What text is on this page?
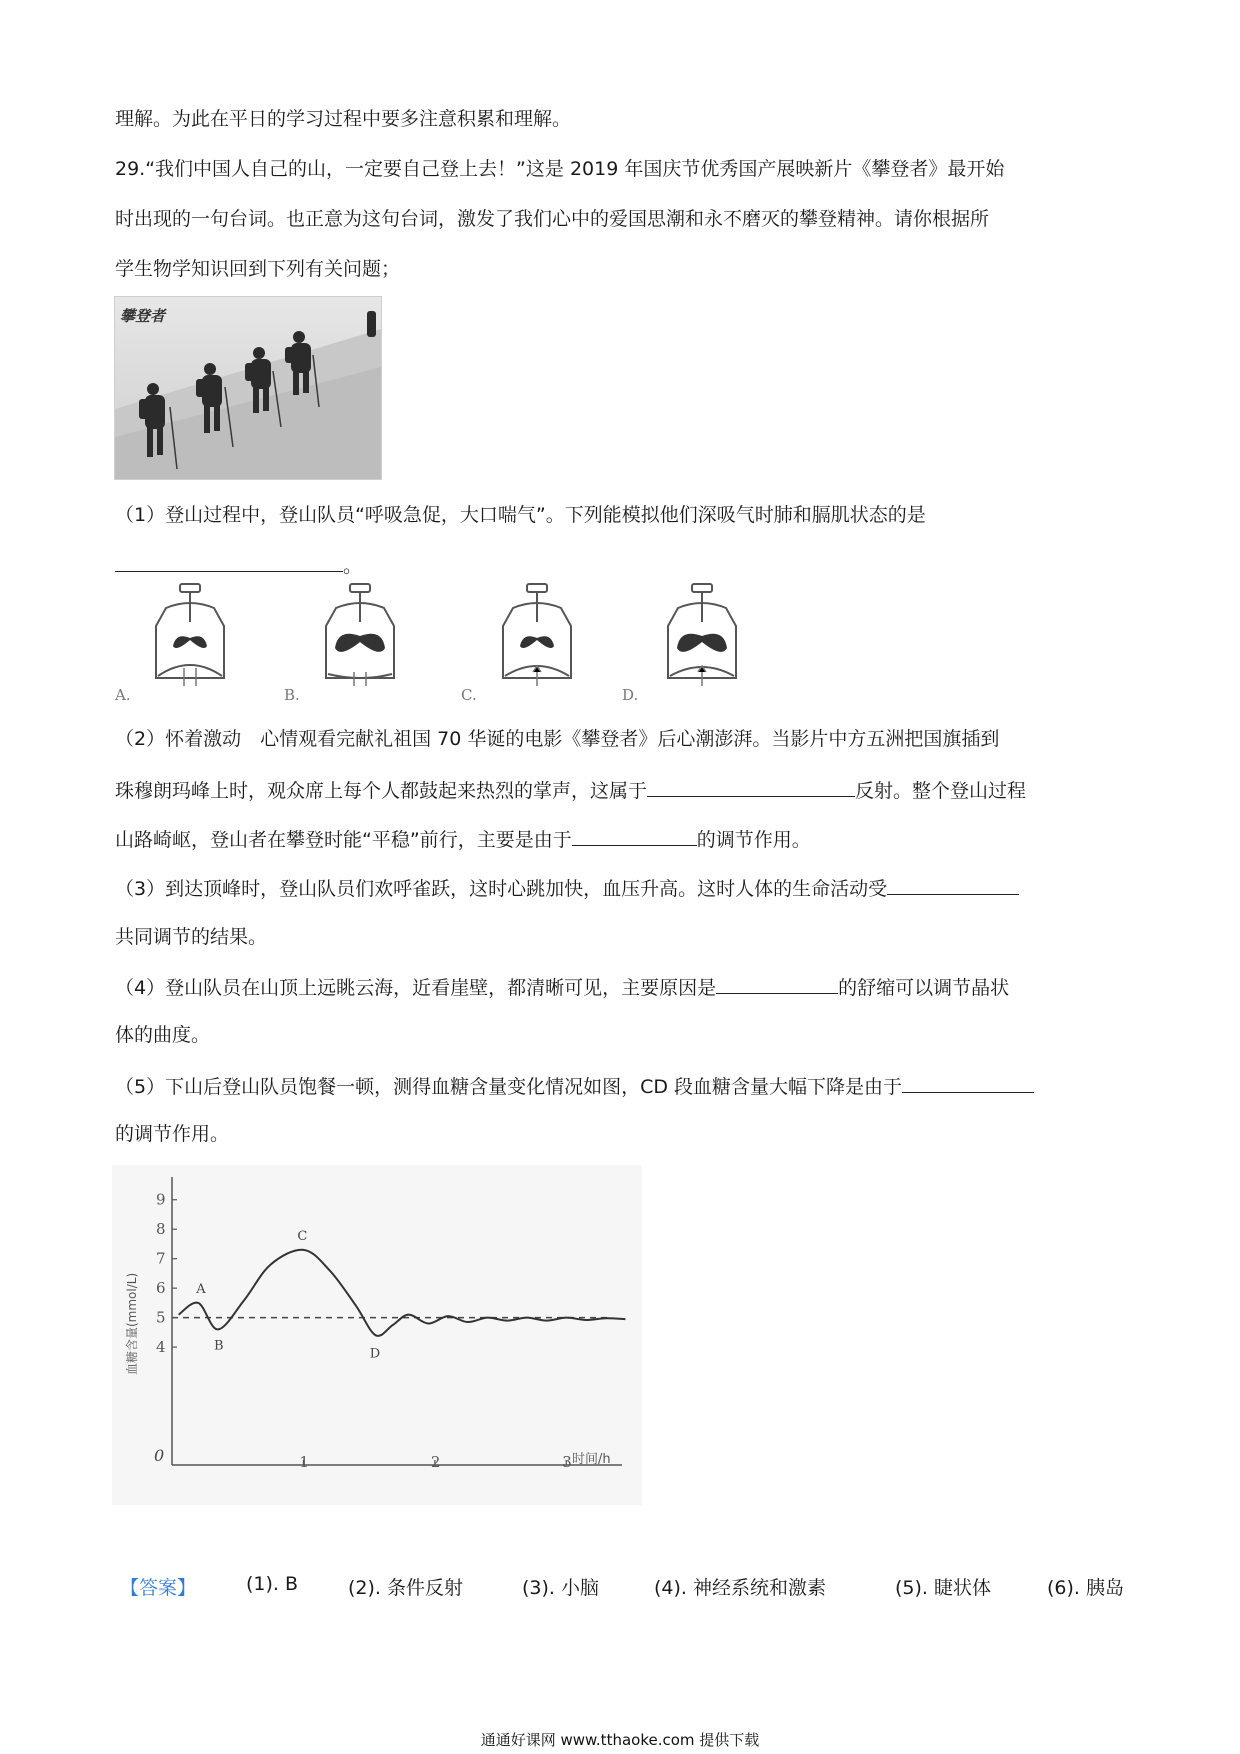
理解。为此在平日的学习过程中要多注意积累和理解。
29.“我们中国人自己的山，一定要自己登上去！”这是 2019 年国庆节优秀国产展映新片《攀登者》最开始
时出现的一句台词。也正意为这句台词，激发了我们心中的爱国思潮和永不磨灭的攀登精神。请你根据所
学生物学知识回到下列有关问题；
攀登者
（1）登山过程中，登山队员“呼吸急促，大口喘气”。下列能模拟他们深吸气时肺和膈肌状态的是
。
A.	B.	C.	D.
（2）怀着激动　心情观看完献礼祖国 70 华诞的电影《攀登者》后心潮澎湃。当影片中方五洲把国旗插到
珠穆朗玛峰上时，观众席上每个人都鼓起来热烈的掌声，这属于	反射。整个登山过程
山路崎岖，登山者在攀登时能“平稳”前行，主要是由于	的调节作用。
（3）到达顶峰时，登山队员们欢呼雀跃，这时心跳加快，血压升高。这时人体的生命活动受
共同调节的结果。
（4）登山队员在山顶上远眺云海，近看崖壁，都清晰可见，主要原因是	的舒缩可以调节晶状
体的曲度。
（5）下山后登山队员饱餐一顿，测得血糖含量变化情况如图，CD 段血糖含量大幅下降是由于
的调节作用。
4
5
6
7
8
9
1	2	3
A
B
C
D
血糖含量(mmol/L)
时间/h
0
【答案】	(1). B	(2). 条件反射	(3). 小脑	(4). 神经系统和激素	(5). 睫状体	(6). 胰岛
通通好课网 www.tthaoke.com 提供下载
